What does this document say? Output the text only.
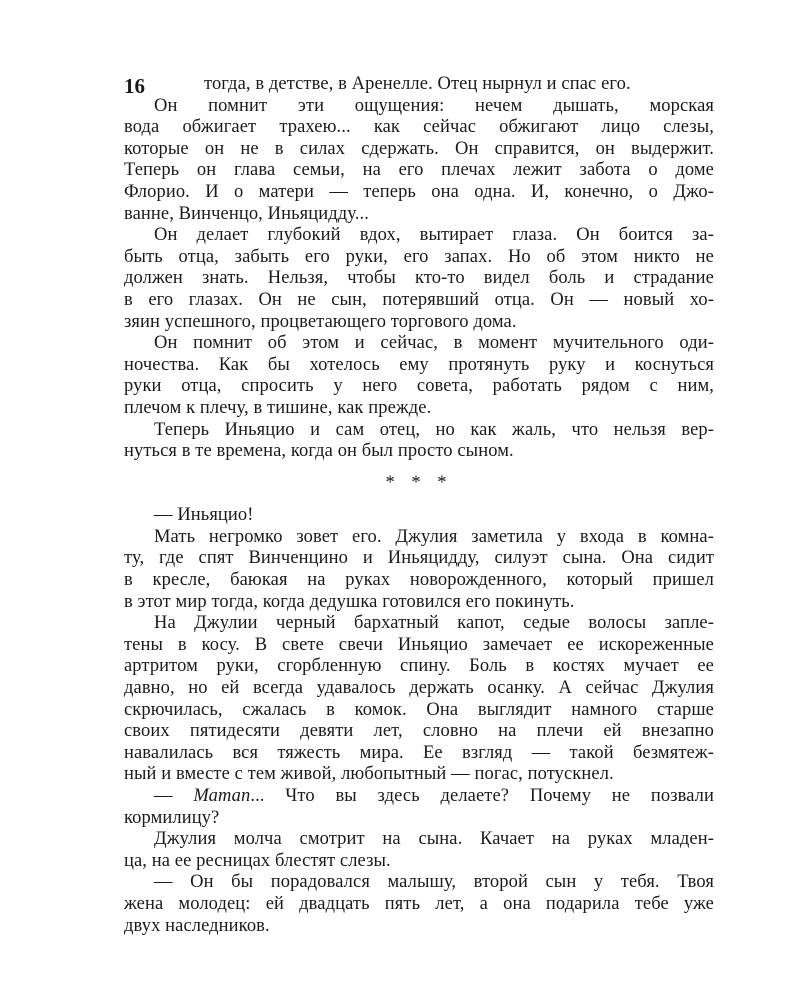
16	тогда, в детстве, в Аренелле. Отец нырнул и спас его.
Он помнит эти ощущения: нечем дышать, морская
вода обжигает трахею... как сейчас обжигают лицо слезы,
которые он не в силах сдержать. Он справится, он выдержит.
Теперь он глава семьи, на его плечах лежит забота о доме
Флорио. И о матери — теперь она одна. И, конечно, о Джо-
ванне, Винченцо, Иньяцидду...
Он делает глубокий вдох, вытирает глаза. Он боится за-
быть отца, забыть его руки, его запах. Но об этом никто не
должен знать. Нельзя, чтобы кто-то видел боль и страдание
в его глазах. Он не сын, потерявший отца. Он — новый хо-
зяин успешного, процветающего торгового дома.
Он помнит об этом и сейчас, в момент мучительного оди-
ночества. Как бы хотелось ему протянуть руку и коснуться
руки отца, спросить у него совета, работать рядом с ним,
плечом к плечу, в тишине, как прежде.
Теперь Иньяцио и сам отец, но как жаль, что нельзя вер-
нуться в те времена, когда он был просто сыном.
* * *
— Иньяцио!
Мать негромко зовет его. Джулия заметила у входа в комна-
ту, где спят Винченцино и Иньяцидду, силуэт сына. Она сидит
в кресле, баюкая на руках новорожденного, который пришел
в этот мир тогда, когда дедушка готовился его покинуть.
На Джулии черный бархатный капот, седые волосы запле-
тены в косу. В свете свечи Иньяцио замечает ее искореженные
артритом руки, сгорбленную спину. Боль в костях мучает ее
давно, но ей всегда удавалось держать осанку. А сейчас Джулия
скрючилась, сжалась в комок. Она выглядит намного старше
своих пятидесяти девяти лет, словно на плечи ей внезапно
навалилась вся тяжесть мира. Ее взгляд — такой безмятеж-
ный и вместе с тем живой, любопытный — погас, потускнел.
— Матап... Что вы здесь делаете? Почему не позвали
кормилицу?
Джулия молча смотрит на сына. Качает на руках младен-
ца, на ее ресницах блестят слезы.
— Он бы порадовался малышу, второй сын у тебя. Твоя
жена молодец: ей двадцать пять лет, а она подарила тебе уже
двух наследников.
